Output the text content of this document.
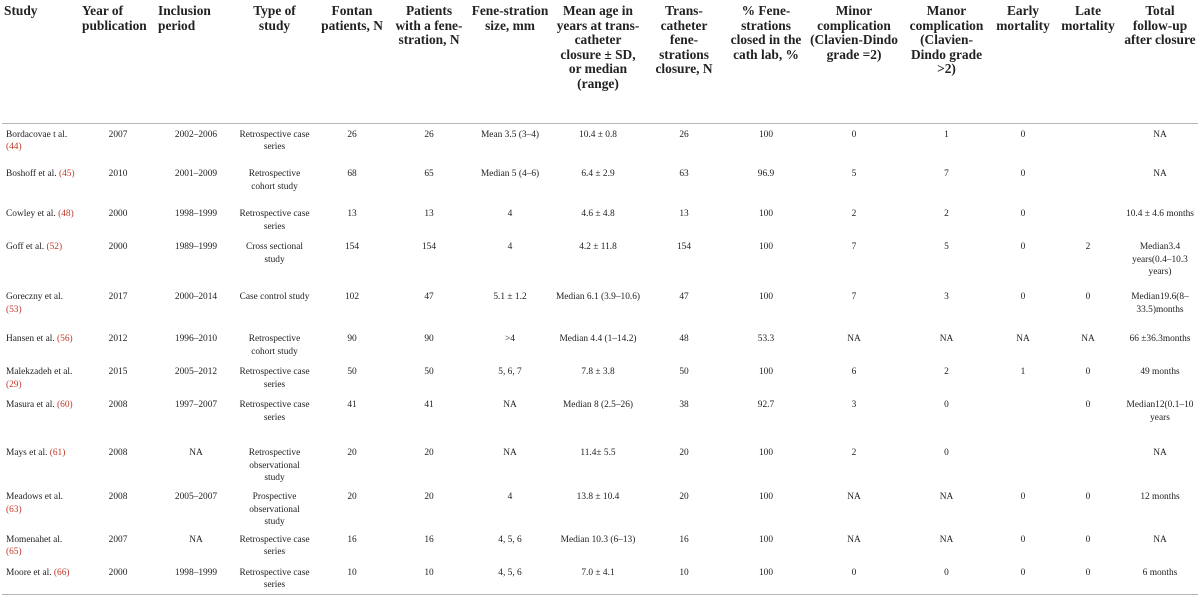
Study	Year of publication	Inclusion period	Type of study	Fontan patients, N	Patients with a fene-stration, N	Fene-stration size, mm	Mean age in years at trans-catheter closure ± SD, or median (range)	Trans-catheter fene-strations closure, N	% Fene-strations closed in the cath lab, %	Minor complication (Clavien-Dindo grade =2)	Manor complication (Clavien-Dindo grade >2)	Early mortality	Late mortality	Total follow-up after closure
Bordacovae t al. (44)	2007	2002–2006	Retrospective case series	26	26	Mean 3.5 (3–4)	10.4 ± 0.8	26	100	0	1	0		NA
Boshoff et al. (45)	2010	2001–2009	Retrospective cohort study	68	65	Median 5 (4–6)	6.4 ± 2.9	63	96.9	5	7	0		NA
Cowley et al. (48)	2000	1998–1999	Retrospective case series	13	13	4	4.6 ± 4.8	13	100	2	2	0		10.4 ± 4.6 months
Goff et al. (52)	2000	1989–1999	Cross sectional study	154	154	4	4.2 ± 11.8	154	100	7	5	0	2	Median3.4 years(0.4–10.3 years)
Goreczny et al. (53)	2017	2000–2014	Case control study	102	47	5.1 ± 1.2	Median 6.1 (3.9–10.6)	47	100	7	3	0	0	Median19.6(8–33.5)months
Hansen et al. (56)	2012	1996–2010	Retrospective cohort study	90	90	>4	Median 4.4 (1–14.2)	48	53.3	NA	NA	NA	NA	66 ±36.3months
Malekzadeh et al. (29)	2015	2005–2012	Retrospective case series	50	50	5, 6, 7	7.8 ± 3.8	50	100	6	2	1	0	49 months
Masura et al. (60)	2008	1997–2007	Retrospective case series	41	41	NA	Median 8 (2.5–26)	38	92.7	3	0		0	Median12(0.1–10 years
Mays et al. (61)	2008	NA	Retrospective observational study	20	20	NA	11.4± 5.5	20	100	2	0			NA
Meadows et al. (63)	2008	2005–2007	Prospective observational study	20	20	4	13.8 ± 10.4	20	100	NA	NA	0	0	12 months
Momenahet al. (65)	2007	NA	Retrospective case series	16	16	4, 5, 6	Median 10.3 (6–13)	16	100	NA	NA	0	0	NA
Moore et al. (66)	2000	1998–1999	Retrospective case series	10	10	4, 5, 6	7.0 ± 4.1	10	100	0	0	0	0	6 months
